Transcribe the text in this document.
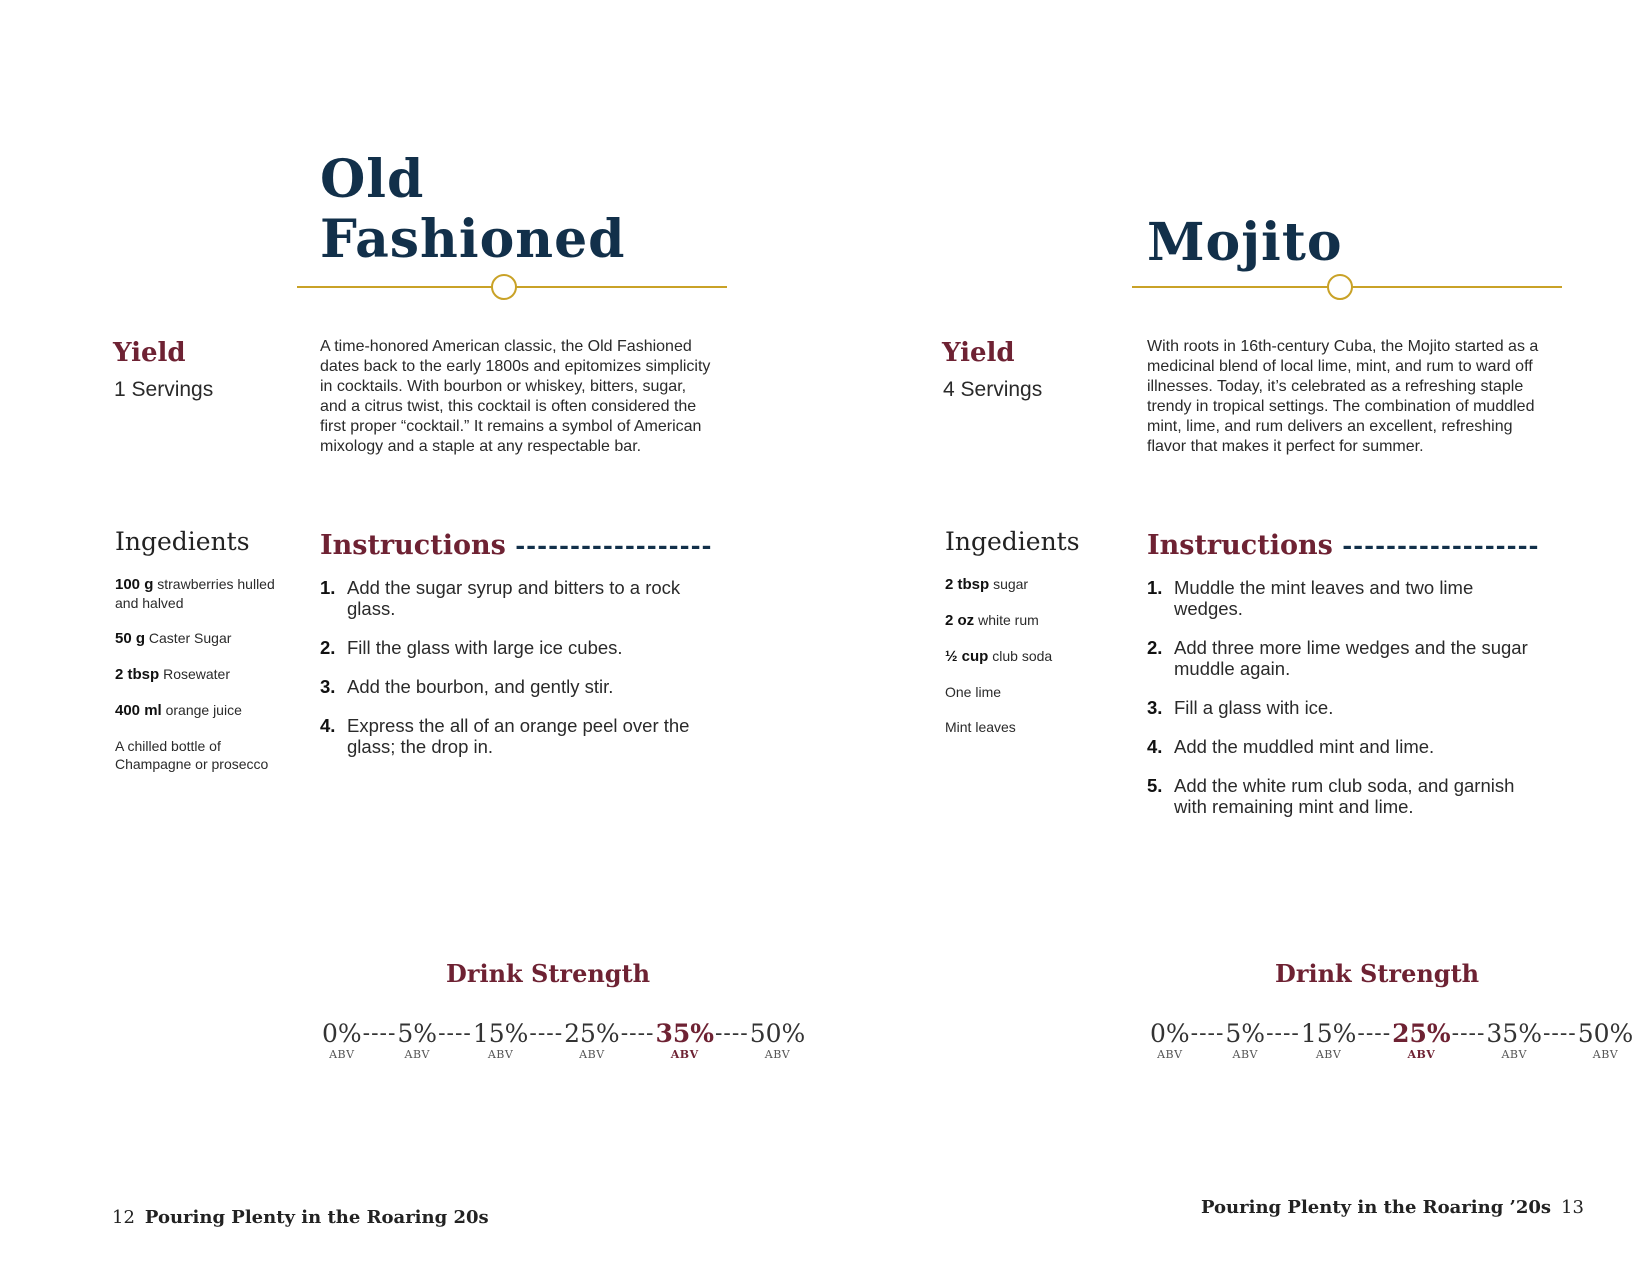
Old
Fashioned
Yield
1 Servings

A time-honored American classic, the Old Fashioned dates back to the early 1800s and epitomizes simplicity in cocktails. With bourbon or whiskey, bitters, sugar, and a citrus twist, this cocktail is often considered the first proper “cocktail.” It remains a symbol of American mixology and a staple at any respectable bar.

Ingedients
100 g strawberries hulled and halved
50 g Caster Sugar
2 tbsp Rosewater
400 ml orange juice
A chilled bottle of Champagne or prosecco
Instructions ------------------
1. Add the sugar syrup and bitters to a rock glass.
2. Fill the glass with large ice cubes.
3. Add the bourbon, and gently stir.
4. Express the all of an orange peel over the glass; the drop in.
Drink Strength
0%
ABV
---- 5%
ABV
---- 15%
ABV
---- 25%
ABV
---- 35%
ABV
---- 50%
ABV
12 Pouring Plenty in the Roaring 20s
Mojito
Yield
4 Servings

With roots in 16th-century Cuba, the Mojito started as a medicinal blend of local lime, mint, and rum to ward off illnesses. Today, it’s celebrated as a refreshing staple trendy in tropical settings. The combination of muddled mint, lime, and rum delivers an excellent, refreshing flavor that makes it perfect for summer.

Ingedients
2 tbsp sugar
2 oz white rum
½ cup club soda
One lime
Mint leaves
Instructions ------------------
1. Muddle the mint leaves and two lime wedges.
2. Add three more lime wedges and the sugar muddle again.
3. Fill a glass with ice.
4. Add the muddled mint and lime.
5. Add the white rum club soda, and garnish with remaining mint and lime.
Drink Strength
0%
ABV
---- 5%
ABV
---- 15%
ABV
---- 25%
ABV
---- 35%
ABV
---- 50%
ABV
Pouring Plenty in the Roaring ’20s 13
